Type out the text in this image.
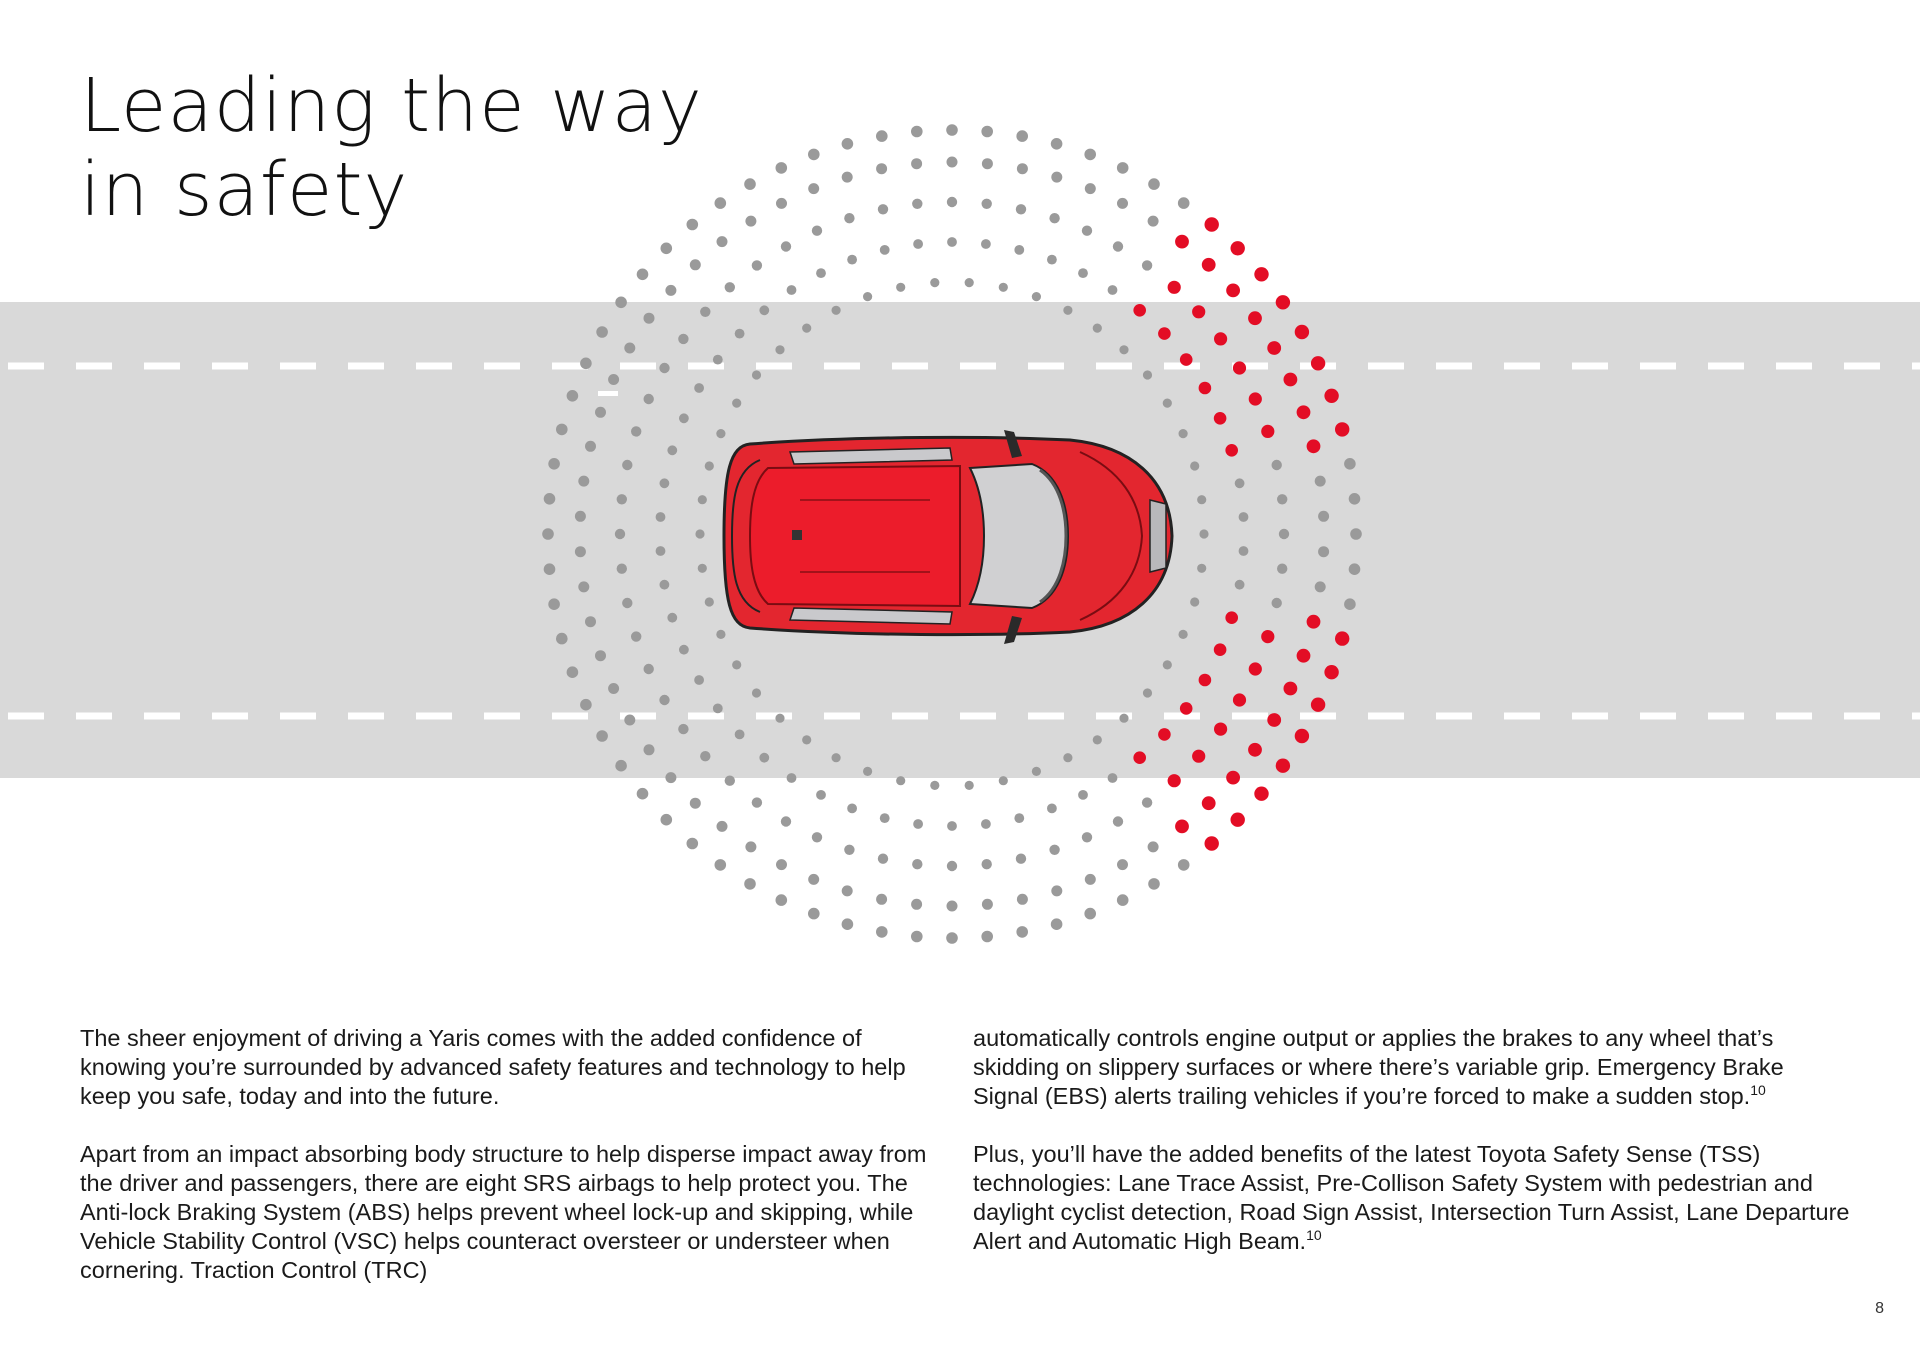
Leading the way
in safety

The sheer enjoyment of driving a Yaris comes with the added confidence of knowing you’re surrounded by advanced safety features and technology to help keep you safe, today and into the future.

Apart from an impact absorbing body structure to help disperse impact away from the driver and passengers, there are eight SRS airbags to help protect you. The Anti-lock Braking System (ABS) helps prevent wheel lock-up and skipping, while Vehicle Stability Control (VSC) helps counteract oversteer or understeer when cornering. Traction Control (TRC)

automatically controls engine output or applies the brakes to any wheel that’s skidding on slippery surfaces or where there’s variable grip. Emergency Brake Signal (EBS) alerts trailing vehicles if you’re forced to make a sudden stop.$^{10}$

Plus, you’ll have the added benefits of the latest Toyota Safety Sense (TSS) technologies: Lane Trace Assist, Pre-Collison Safety System with pedestrian and daylight cyclist detection, Road Sign Assist, Intersection Turn Assist, Lane Departure Alert and Automatic High Beam.$^{10}$

8
